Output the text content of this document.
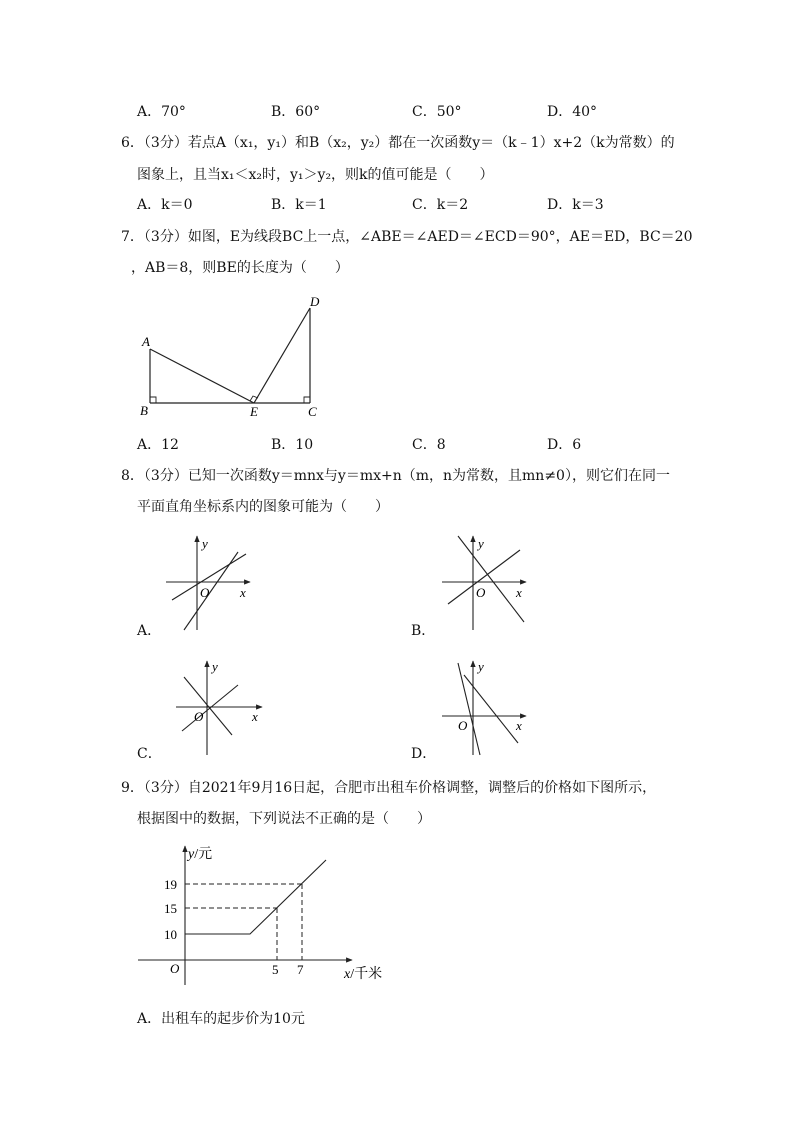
A．70°	B．60°	C．50°	D．40°
6．（3分）若点A（x₁，y₁）和B（x₂，y₂）都在一次函数y＝（k﹣1）x+2（k为常数）的
图象上，且当x₁＜x₂时，y₁＞y₂，则k的值可能是（　　）
A．k＝0	B．k＝1	C．k＝2	D．k＝3
7．（3分）如图，E为线段BC上一点，∠ABE＝∠AED＝∠ECD＝90°，AE＝ED，BC＝20
，AB＝8，则BE的长度为（　　）
A
B	E	C
D
A．12	B．10	C．8	D．6
8．（3分）已知一次函数y＝mnx与y＝mx+n（m，n为常数，且mn≠0），则它们在同一
平面直角坐标系内的图象可能为（　　）
y
x
O
A．
y
x
O
B．
y
x
O
C．
y
x
O
D．
9．（3分）自2021年9月16日起，合肥市出租车价格调整，调整后的价格如下图所示，
根据图中的数据，下列说法不正确的是（　　）
y/元
19
15
10
O	5 7	x/千米
A．出租车的起步价为10元
